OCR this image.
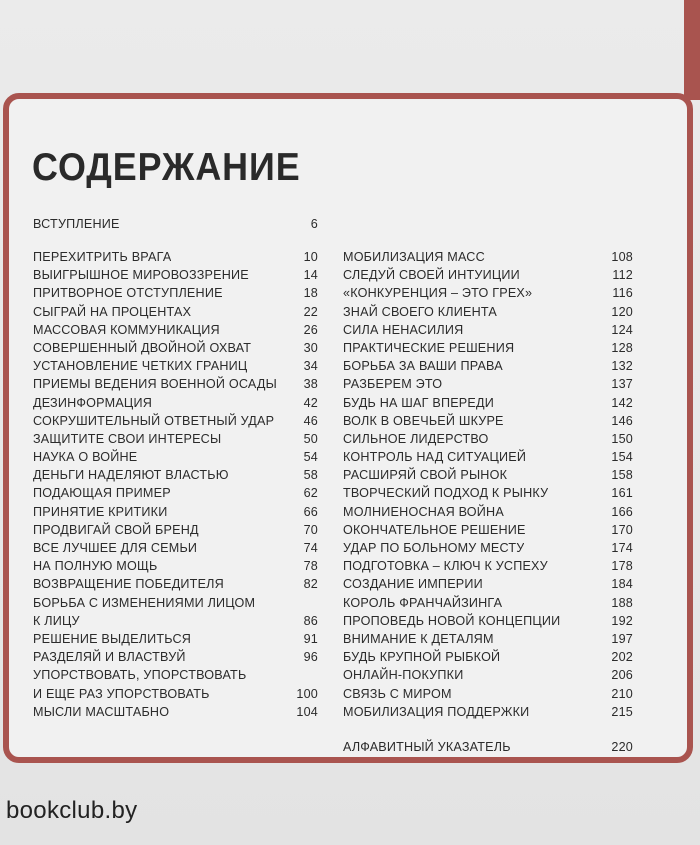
СОДЕРЖАНИЕ
ВСТУПЛЕНИЕ	6
ПЕРЕХИТРИТЬ ВРАГА	10
ВЫИГРЫШНОЕ МИРОВОЗЗРЕНИЕ	14
ПРИТВОРНОЕ ОТСТУПЛЕНИЕ	18
СЫГРАЙ НА ПРОЦЕНТАХ	22
МАССОВАЯ КОММУНИКАЦИЯ	26
СОВЕРШЕННЫЙ ДВОЙНОЙ ОХВАТ	30
УСТАНОВЛЕНИЕ ЧЕТКИХ ГРАНИЦ	34
ПРИЕМЫ ВЕДЕНИЯ ВОЕННОЙ ОСАДЫ	38
ДЕЗИНФОРМАЦИЯ	42
СОКРУШИТЕЛЬНЫЙ ОТВЕТНЫЙ УДАР	46
ЗАЩИТИТЕ СВОИ ИНТЕРЕСЫ	50
НАУКА О ВОЙНЕ	54
ДЕНЬГИ НАДЕЛЯЮТ ВЛАСТЬЮ	58
ПОДАЮЩАЯ ПРИМЕР	62
ПРИНЯТИЕ КРИТИКИ	66
ПРОДВИГАЙ СВОЙ БРЕНД	70
ВСЕ ЛУЧШЕЕ ДЛЯ СЕМЬИ	74
НА ПОЛНУЮ МОЩЬ	78
ВОЗВРАЩЕНИЕ ПОБЕДИТЕЛЯ	82
БОРЬБА С ИЗМЕНЕНИЯМИ ЛИЦОМ
К ЛИЦУ	86
РЕШЕНИЕ ВЫДЕЛИТЬСЯ	91
РАЗДЕЛЯЙ И ВЛАСТВУЙ	96
УПОРСТВОВАТЬ, УПОРСТВОВАТЬ
И ЕЩЕ РАЗ УПОРСТВОВАТЬ	100
МЫСЛИ МАСШТАБНО	104
МОБИЛИЗАЦИЯ МАСС	108
СЛЕДУЙ СВОЕЙ ИНТУИЦИИ	112
«КОНКУРЕНЦИЯ – ЭТО ГРЕХ»	116
ЗНАЙ СВОЕГО КЛИЕНТА	120
СИЛА НЕНАСИЛИЯ	124
ПРАКТИЧЕСКИЕ РЕШЕНИЯ	128
БОРЬБА ЗА ВАШИ ПРАВА	132
РАЗБЕРЕМ ЭТО	137
БУДЬ НА ШАГ ВПЕРЕДИ	142
ВОЛК В ОВЕЧЬЕЙ ШКУРЕ	146
СИЛЬНОЕ ЛИДЕРСТВО	150
КОНТРОЛЬ НАД СИТУАЦИЕЙ	154
РАСШИРЯЙ СВОЙ РЫНОК	158
ТВОРЧЕСКИЙ ПОДХОД К РЫНКУ	161
МОЛНИЕНОСНАЯ ВОЙНА	166
ОКОНЧАТЕЛЬНОЕ РЕШЕНИЕ	170
УДАР ПО БОЛЬНОМУ МЕСТУ	174
ПОДГОТОВКА – КЛЮЧ К УСПЕХУ	178
СОЗДАНИЕ ИМПЕРИИ	184
КОРОЛЬ ФРАНЧАЙЗИНГА	188
ПРОПОВЕДЬ НОВОЙ КОНЦЕПЦИИ	192
ВНИМАНИЕ К ДЕТАЛЯМ	197
БУДЬ КРУПНОЙ РЫБКОЙ	202
ОНЛАЙН-ПОКУПКИ	206
СВЯЗЬ С МИРОМ	210
МОБИЛИЗАЦИЯ ПОДДЕРЖКИ	215
АЛФАВИТНЫЙ УКАЗАТЕЛЬ	220
bookclub.by
